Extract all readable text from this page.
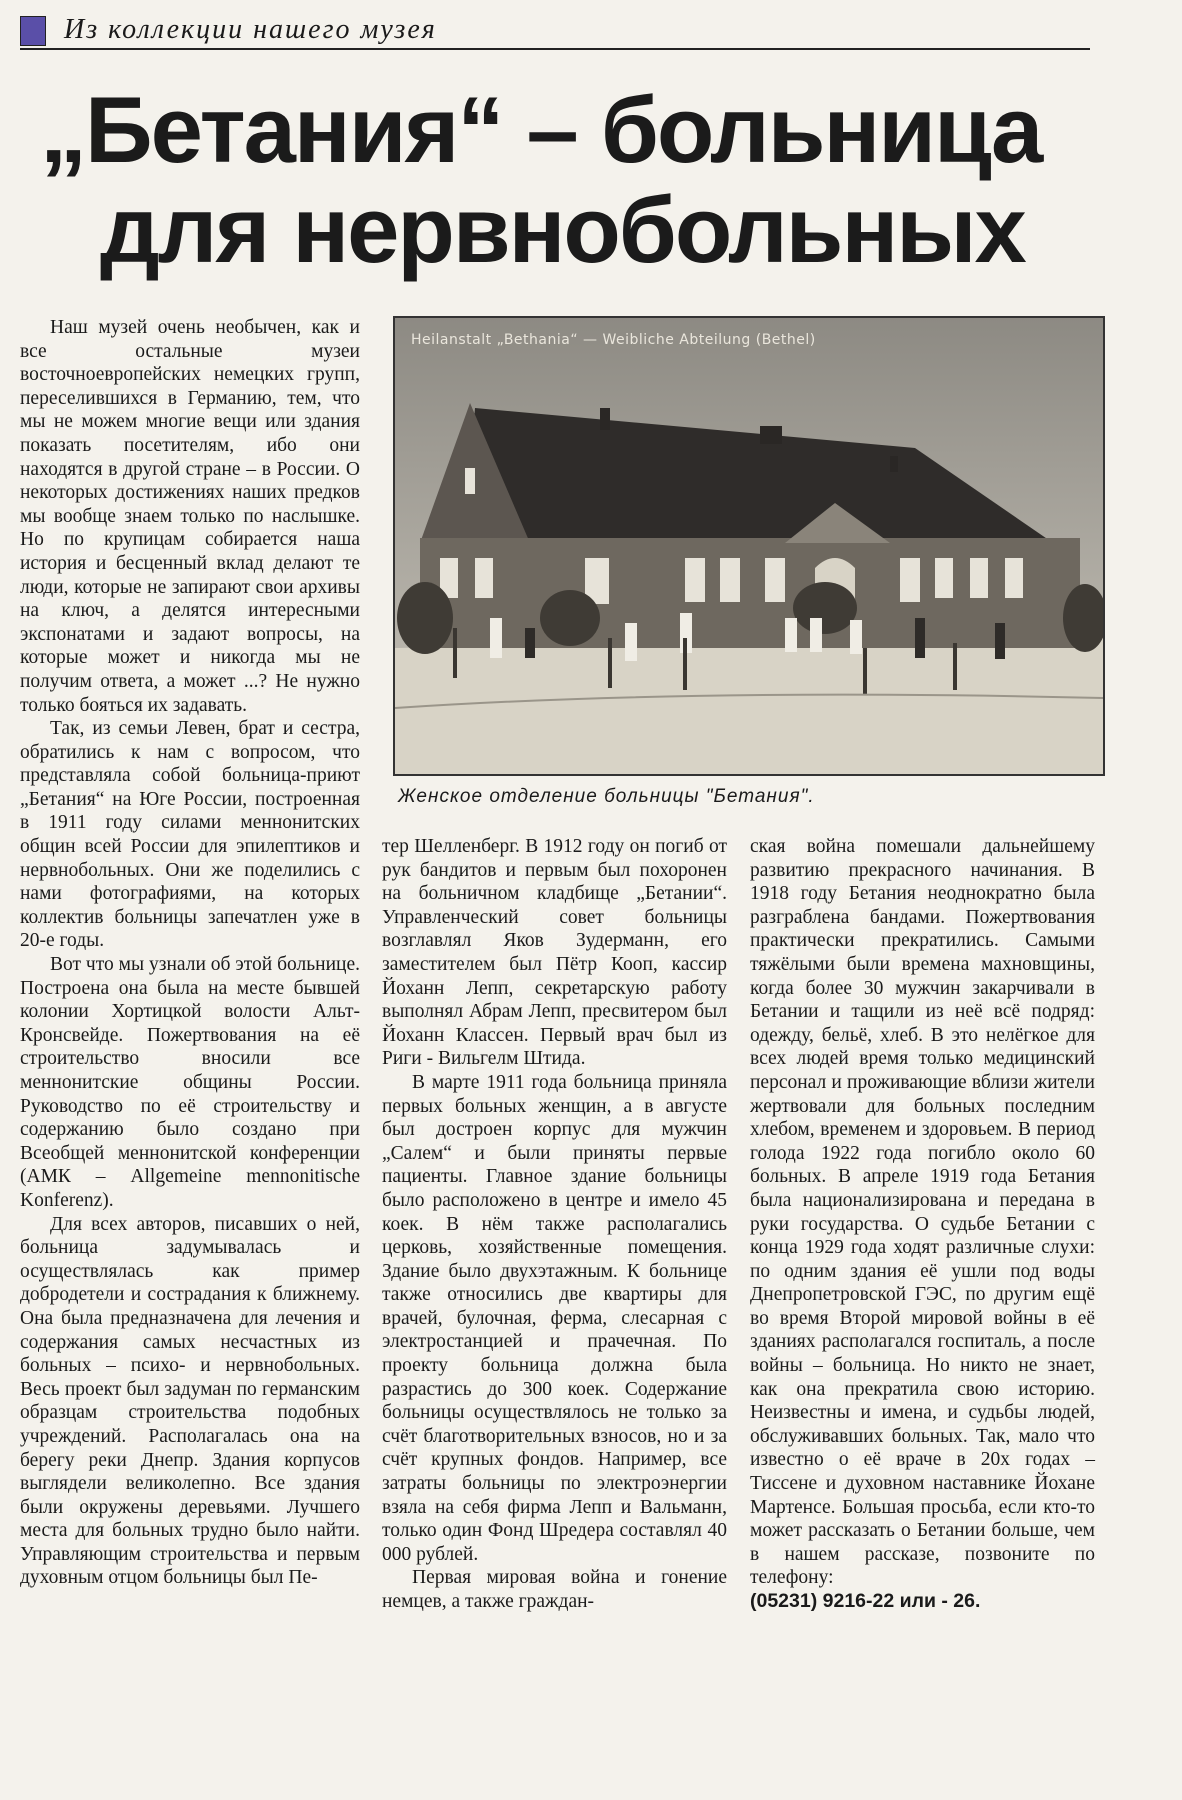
Из коллекции нашего музея
„Бетания“ – больница
для нервнобольных

Наш музей очень необычен, как и все остальные музеи восточноевропейских немецких групп, переселившихся в Германию, тем, что мы не можем многие вещи или здания показать посетителям, ибо они находятся в другой стране – в России. О некоторых достижениях наших предков мы вообще знаем только по наслышке. Но по крупицам собирается наша история и бесценный вклад делают те люди, которые не запирают свои архивы на ключ, а делятся интересными экспонатами и задают вопросы, на которые может и никогда мы не получим ответа, а может ...? Не нужно только бояться их задавать.

Так, из семьи Левен, брат и сестра, обратились к нам с вопросом, что представляла собой больница-приют „Бетания“ на Юге России, построенная в 1911 году силами меннонитских общин всей России для эпилептиков и нервнобольных. Они же поделились с нами фотографиями, на которых коллектив больницы запечатлен уже в 20-е годы.

Вот что мы узнали об этой больнице. Построена она была на месте бывшей колонии Хортицкой волости Альт-Кронсвейде. Пожертвования на её строительство вносили все меннонитские общины России. Руководство по её строительству и содержанию было создано при Всеобщей меннонитской конференции (АМК – Allgemeine mennonitische Konferenz).

Для всех авторов, писавших о ней, больница задумывалась и осуществлялась как пример добродетели и сострадания к ближнему. Она была предназначена для лечения и содержания самых несчастных из больных – психо- и нервнобольных. Весь проект был задуман по германским образцам строительства подобных учреждений. Располагалась она на берегу реки Днепр. Здания корпусов выглядели великолепно. Все здания были окружены деревьями. Лучшего места для больных трудно было найти. Управляющим строительства и первым духовным отцом больницы был Пе-

Heilanstalt „Bethania“ — Weibliche Abteilung (Bethel)
Женское отделение больницы "Бетания".

тер Шелленберг. В 1912 году он погиб от рук бандитов и первым был похоронен на больничном кладбище „Бетании“. Управленческий совет больницы возглавлял Яков Зудерманн, его заместителем был Пётр Кооп, кассир Йоханн Лепп, секретарскую работу выполнял Абрам Лепп, пресвитером был Йоханн Классен. Первый врач был из Риги - Вильгелм Штида.

В марте 1911 года больница приняла первых больных женщин, а в августе был достроен корпус для мужчин „Салем“ и были приняты первые пациенты. Главное здание больницы было расположено в центре и имело 45 коек. В нём также располагались церковь, хозяйственные помещения. Здание было двухэтажным. К больнице также относились две квартиры для врачей, булочная, ферма, слесарная с электростанцией и прачечная. По проекту больница должна была разрастись до 300 коек. Содержание больницы осуществлялось не только за счёт благотворительных взносов, но и за счёт крупных фондов. Например, все затраты больницы по электроэнергии взяла на себя фирма Лепп и Вальманн, только один Фонд Шредера составлял 40 000 рублей.

Первая мировая война и гонение немцев, а также граждан-

ская война помешали дальнейшему развитию прекрасного начинания. В 1918 году Бетания неоднократно была разграблена бандами. Пожертвования практически прекратились. Самыми тяжёлыми были времена махновщины, когда более 30 мужчин закарчивали в Бетании и тащили из неё всё подряд: одежду, бельё, хлеб. В это нелёгкое для всех людей время только медицинский персонал и проживающие вблизи жители жертвовали для больных последним хлебом, временем и здоровьем. В период голода 1922 года погибло около 60 больных. В апреле 1919 года Бетания была национализирована и передана в руки государства. О судьбе Бетании с конца 1929 года ходят различные слухи: по одним здания её ушли под воды Днепропетровской ГЭС, по другим ещё во время Второй мировой войны в её зданиях располагался госпиталь, а после войны – больница. Но никто не знает, как она прекратила свою историю. Неизвестны и имена, и судьбы людей, обслуживавших больных. Так, мало что известно о её враче в 20х годах – Тиссене и духовном наставнике Йохане Мартенсе. Большая просьба, если кто-то может рассказать о Бетании больше, чем в нашем рассказе, позвоните по телефону:

(05231) 9216-22 или - 26.
